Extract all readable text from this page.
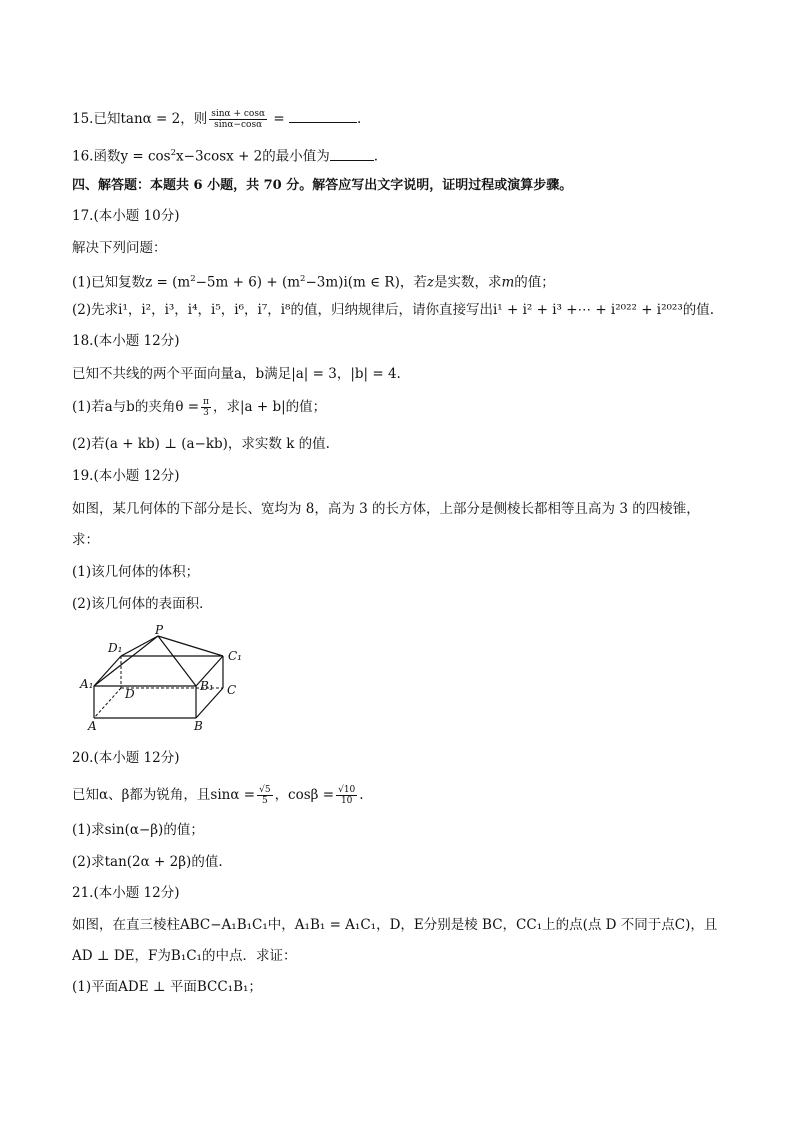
15.已知tanα = 2，则 $\frac{\sin\alpha + \cos\alpha}{\sin\alpha-\cos\alpha}$ =	.
16.函数$y = \cos^2x-3\cos x + 2$的最小值为	.
四、解答题：本题共 6 小题，共 70 分。解答应写出文字说明，证明过程或演算步骤。
17.(本小题 10分)
解决下列问题：
(1)已知复数$z = (m^2-5m + 6) + (m^2-3m)i(m$ ∈ R)，若z是实数，求m的值；
(2)先求i¹，i²，i³，i⁴，i⁵，i⁶，i⁷，i⁸的值，归纳规律后，请你直接写出i¹ + i² + i³ +⋯ + i²⁰²² + i²⁰²³的值.
18.(本小题 12分)
已知不共线的两个平面向量a，b满足|a| = 3，|b| = 4.
(1)若a与b的夹角$\theta = \frac{\pi}{3}$ ，求|a + b|的值；
(2)若(a + kb) ⊥ (a−kb)，求实数 k 的值.
19.(本小题 12分)
如图，某几何体的下部分是长、宽均为 8，高为 3 的长方体，上部分是侧棱长都相等且高为 3 的四棱锥，
求：
(1)该几何体的体积；
(2)该几何体的表面积．
P
D₁
C₁
A₁	B₁
D	C
A	B
20.(本小题 12分)
已知α、β都为锐角，且$\sin\alpha = \frac{√5}{5}$ ，$\cos\beta = \frac{√10}{10}$ .
(1)求sin(α−β)的值；
(2)求tan(2α + 2β)的值.
21.(本小题 12分)
如图，在直三棱柱ABC−A₁B₁C₁中，A₁B₁ = A₁C₁，D，E分别是棱 BC，CC₁上的点(点 D 不同于点C)，且
AD ⊥ DE，F为B₁C₁的中点．求证：
(1)平面ADE ⊥ 平面BCC₁B₁；
